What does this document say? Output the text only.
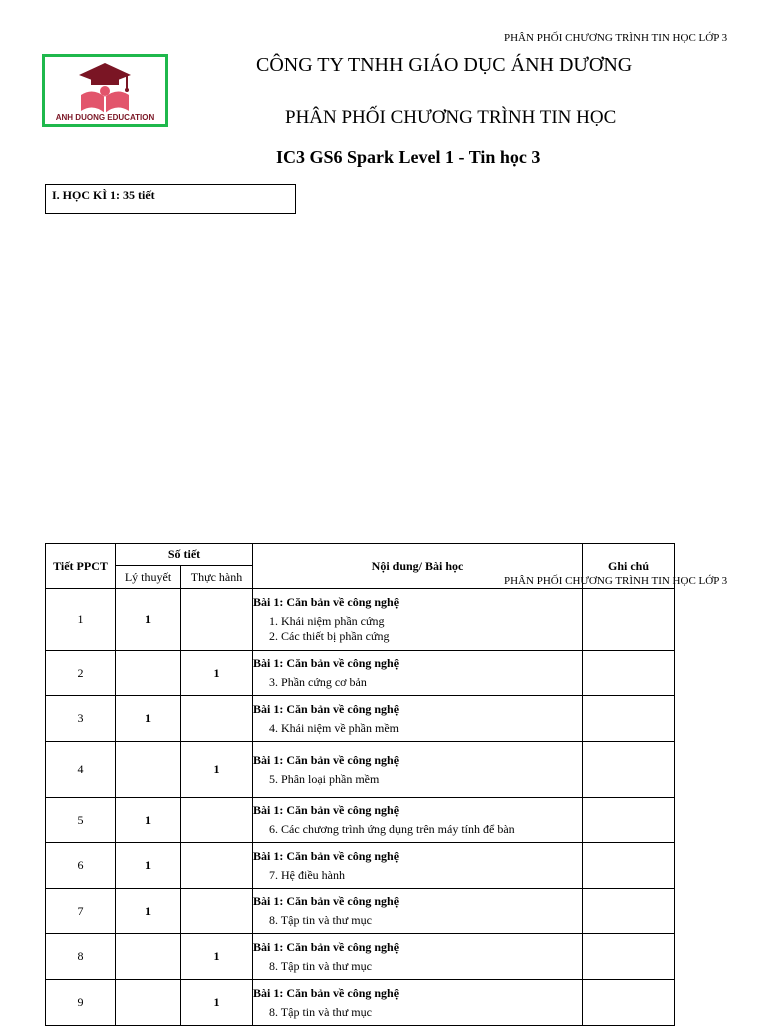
PHÂN PHỐI CHƯƠNG TRÌNH TIN HỌC LỚP 3
ANH DUONG EDUCATION
CÔNG TY TNHH GIÁO DỤC ÁNH DƯƠNG
PHÂN PHỐI CHƯƠNG TRÌNH TIN HỌC
IC3 GS6 Spark Level 1 - Tin học 3
I. HỌC KÌ 1: 35 tiết
Tiết PPCT	Số tiết		Nội dung/ Bài học	Ghi chú
	Lý thuyết	Thực hành		
1	1		Bài 1: Căn bản về công nghệ
1. Khái niệm phần cứng
2. Các thiết bị phần cứng	

2		1	Bài 1: Căn bản về công nghệ
3. Phần cứng cơ bản	

3	1		Bài 1: Căn bản về công nghệ
4. Khái niệm về phần mềm	

4		1	Bài 1: Căn bản về công nghệ
5. Phân loại phần mềm	

5	1		Bài 1: Căn bản về công nghệ
6. Các chương trình ứng dụng trên máy tính để bàn	

6	1		Bài 1: Căn bản về công nghệ
7. Hệ điều hành	

7	1		Bài 1: Căn bản về công nghệ
8. Tập tin và thư mục	

8		1	Bài 1: Căn bản về công nghệ
8. Tập tin và thư mục	

9		1	Bài 1: Căn bản về công nghệ
8. Tập tin và thư mục	

PHÂN PHỐI CHƯƠNG TRÌNH TIN HỌC LỚP 3
